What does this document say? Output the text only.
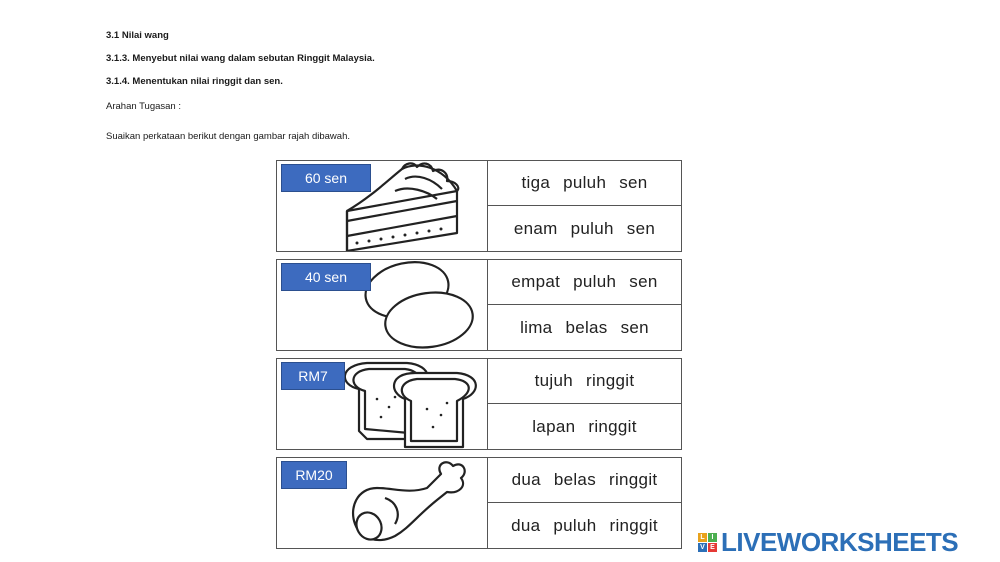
3.1 Nilai wang
3.1.3. Menyebut nilai wang dalam sebutan Ringgit Malaysia.
3.1.4. Menentukan nilai ringgit dan sen.
Arahan Tugasan :
Suaikan perkataan berikut dengan gambar rajah dibawah.
60 sen	tiga puluh sen
enam puluh sen
40 sen	empat puluh sen
lima belas sen
RM7	tujuh ringgit
lapan ringgit
RM20	dua belas ringgit
dua puluh ringgit
L I
V E LIVEWORKSHEETS
